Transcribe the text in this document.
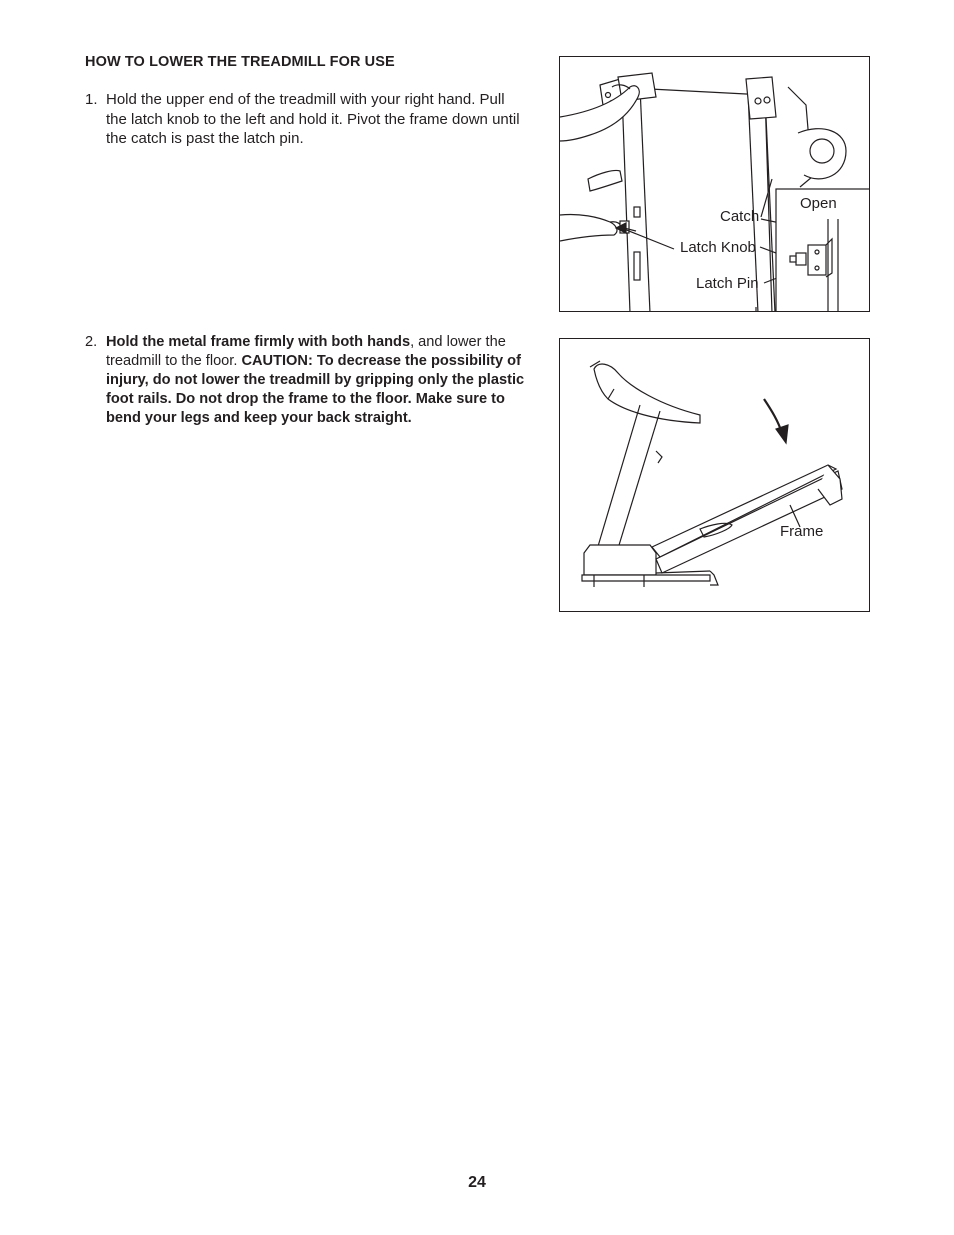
HOW TO LOWER THE TREADMILL FOR USE
1. Hold the upper end of the treadmill with your right hand. Pull the latch knob to the left and hold it. Pivot the frame down until the catch is past the latch pin.
2. Hold the metal frame firmly with both hands, and lower the treadmill to the floor. CAUTION: To decrease the possibility of injury, do not lower the treadmill by gripping only the plastic foot rails. Do not drop the frame to the floor. Make sure to bend your legs and keep your back straight.
Open
Catch
Latch Knob
Latch Pin
Frame
24
